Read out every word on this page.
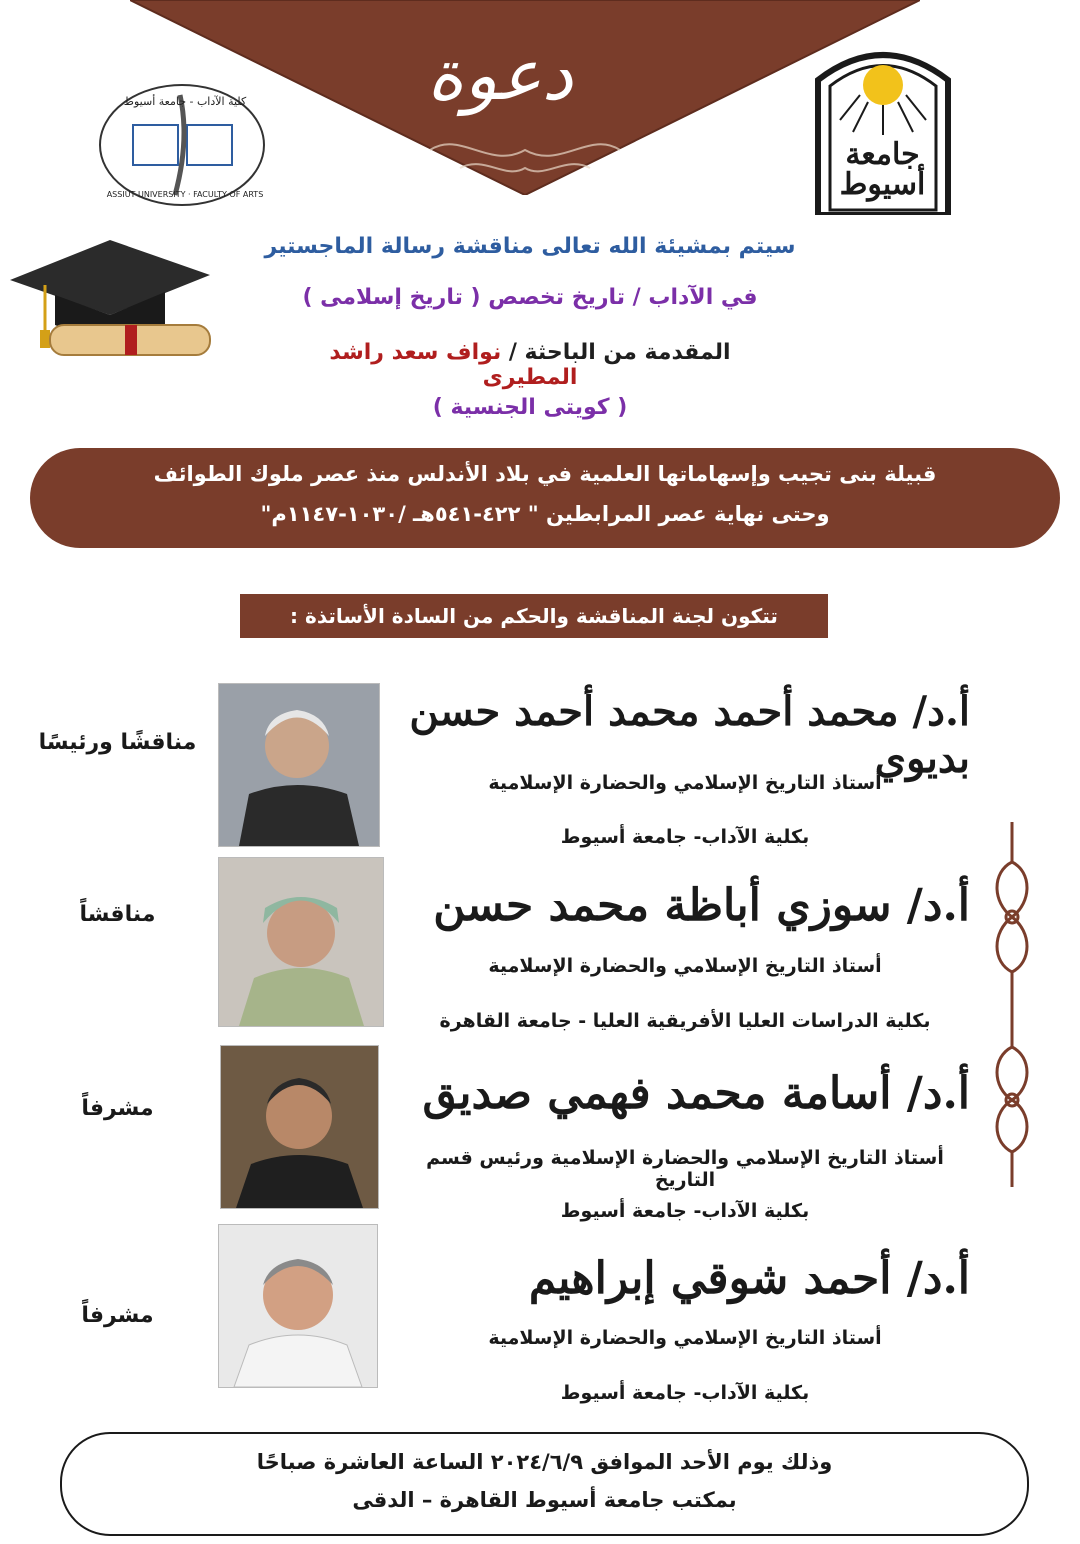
دعوة
جامعة أسيوط
كلية الآداب - جامعة أسيوط
ASSIUT UNIVERSITY · FACULTY OF ARTS
سيتم بمشيئة الله تعالى مناقشة رسالة الماجستير
في الآداب / تاريخ تخصص ( تاريخ إسلامى )
المقدمة من الباحثة / نواف سعد راشد المطيرى
( كويتى الجنسية )
قبيلة بنى تجيب وإسهاماتها العلمية في بلاد الأندلس منذ عصر ملوك الطوائف
وحتى نهاية عصر المرابطين " ٤٢٢-٥٤١هـ /١٠٣٠-١١٤٧م"
تتكون لجنة المناقشة والحكم من السادة الأساتذة :
مناقشًا ورئيسًا
أ.د/ محمد أحمد محمد أحمد حسن بديوي
أستاذ التاريخ الإسلامي والحضارة الإسلامية
بكلية الآداب- جامعة أسيوط
مناقشاً	أ.د/ سوزي أباظة محمد حسن
أستاذ التاريخ الإسلامي والحضارة الإسلامية
بكلية الدراسات العليا الأفريقية العليا - جامعة القاهرة
مشرفاً	أ.د/ أسامة محمد فهمي صديق
أستاذ التاريخ الإسلامي والحضارة الإسلامية ورئيس قسم التاريخ
بكلية الآداب- جامعة أسيوط
مشرفاً
أ.د/ أحمد شوقي إبراهيم
أستاذ التاريخ الإسلامي والحضارة الإسلامية
بكلية الآداب- جامعة أسيوط
وذلك يوم الأحد الموافق ٢٠٢٤/٦/٩ الساعة العاشرة صباحًا
بمكتب جامعة أسيوط القاهرة – الدقى
